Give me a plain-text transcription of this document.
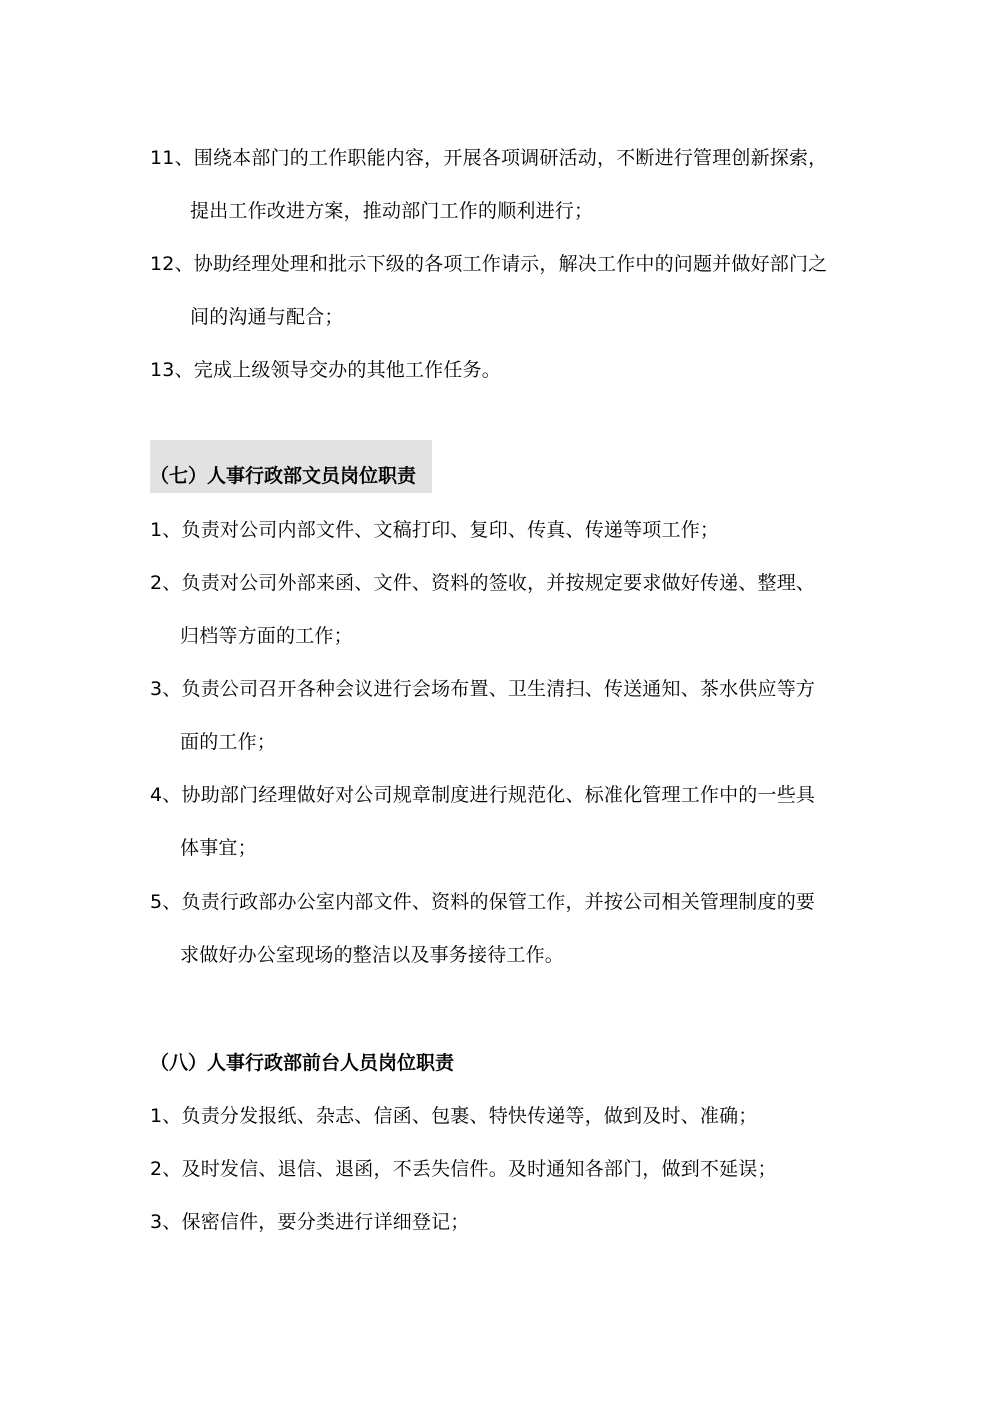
11、围绕本部门的工作职能内容，开展各项调研活动，不断进行管理创新探索，
提出工作改进方案，推动部门工作的顺利进行；
12、协助经理处理和批示下级的各项工作请示，解决工作中的问题并做好部门之
间的沟通与配合；
13、完成上级领导交办的其他工作任务。
（七）人事行政部文员岗位职责
1、负责对公司内部文件、文稿打印、复印、传真、传递等项工作；
2、负责对公司外部来函、文件、资料的签收，并按规定要求做好传递、整理、
归档等方面的工作；
3、负责公司召开各种会议进行会场布置、卫生清扫、传送通知、茶水供应等方
面的工作；
4、协助部门经理做好对公司规章制度进行规范化、标准化管理工作中的一些具
体事宜；
5、负责行政部办公室内部文件、资料的保管工作，并按公司相关管理制度的要
求做好办公室现场的整洁以及事务接待工作。
（八）人事行政部前台人员岗位职责
1、负责分发报纸、杂志、信函、包裹、特快传递等，做到及时、准确；
2、及时发信、退信、退函，不丢失信件。及时通知各部门，做到不延误；
3、保密信件，要分类进行详细登记；
